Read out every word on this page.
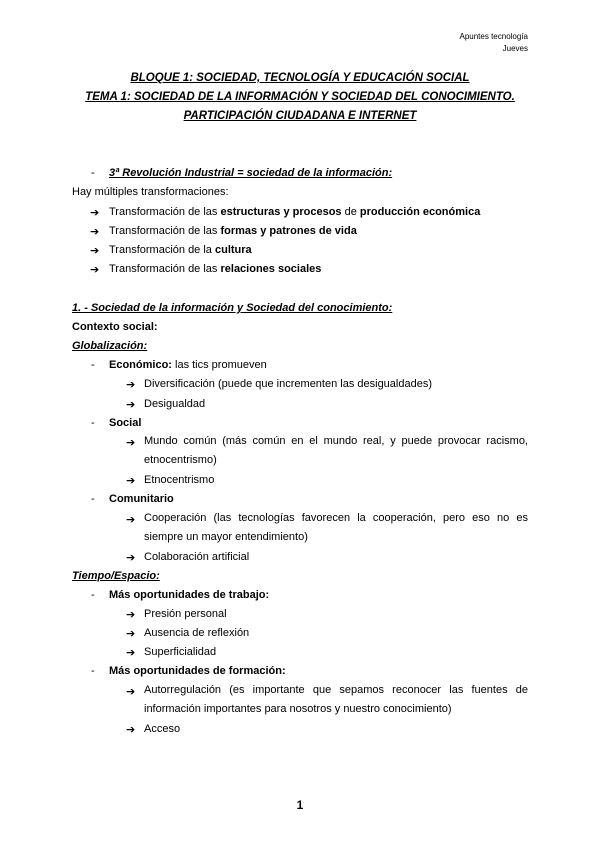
Apuntes tecnología
Jueves
BLOQUE 1: SOCIEDAD, TECNOLOGÍA Y EDUCACIÓN SOCIAL
TEMA 1: SOCIEDAD DE LA INFORMACIÓN Y SOCIEDAD DEL CONOCIMIENTO.
PARTICIPACIÓN CIUDADANA E INTERNET
- 3ª Revolución Industrial = sociedad de la información:
Hay múltiples transformaciones:
➔ Transformación de las estructuras y procesos de producción económica
➔ Transformación de las formas y patrones de vida
➔ Transformación de la cultura
➔ Transformación de las relaciones sociales
1. - Sociedad de la información y Sociedad del conocimiento:
Contexto social:
Globalización:
- Económico: las tics promueven
➔ Diversificación (puede que incrementen las desigualdades)
➔ Desigualdad
- Social
➔ Mundo común (más común en el mundo real, y puede provocar racismo, etnocentrismo)
➔ Etnocentrismo
- Comunitario
➔ Cooperación (las tecnologías favorecen la cooperación, pero eso no es siempre un mayor entendimiento)
➔ Colaboración artificial
Tiempo/Espacio:
- Más oportunidades de trabajo:
➔ Presión personal
➔ Ausencia de reflexión
➔ Superficialidad
- Más oportunidades de formación:
➔ Autorregulación (es importante que sepamos reconocer las fuentes de información importantes para nosotros y nuestro conocimiento)
➔ Acceso
1
